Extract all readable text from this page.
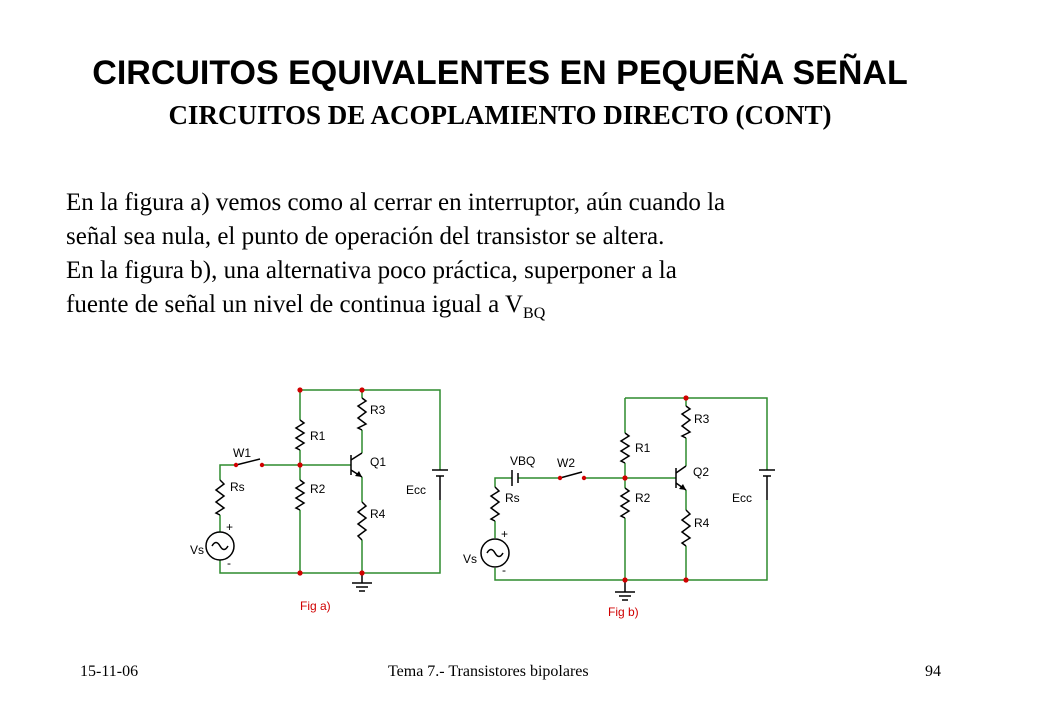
CIRCUITOS EQUIVALENTES EN PEQUEÑA SEÑAL
CIRCUITOS DE ACOPLAMIENTO DIRECTO (CONT)

En la figura a) vemos como al cerrar en interruptor, aún cuando la

señal sea nula, el punto de operación del transistor se altera.

En la figura b), una alternativa poco práctica, superponer a la

fuente de señal un nivel de continua igual a $V_{BQ}$

W1
R1
R2
R3
R4
Rs
Q1
Ecc
Vs
+
-
Fig a)
VBQ W2
R1
R2
R3
R4
Rs
Q2
Ecc
Vs
+
-
Fig b)
15-11-06	Tema 7.- Transistores bipolares	94
